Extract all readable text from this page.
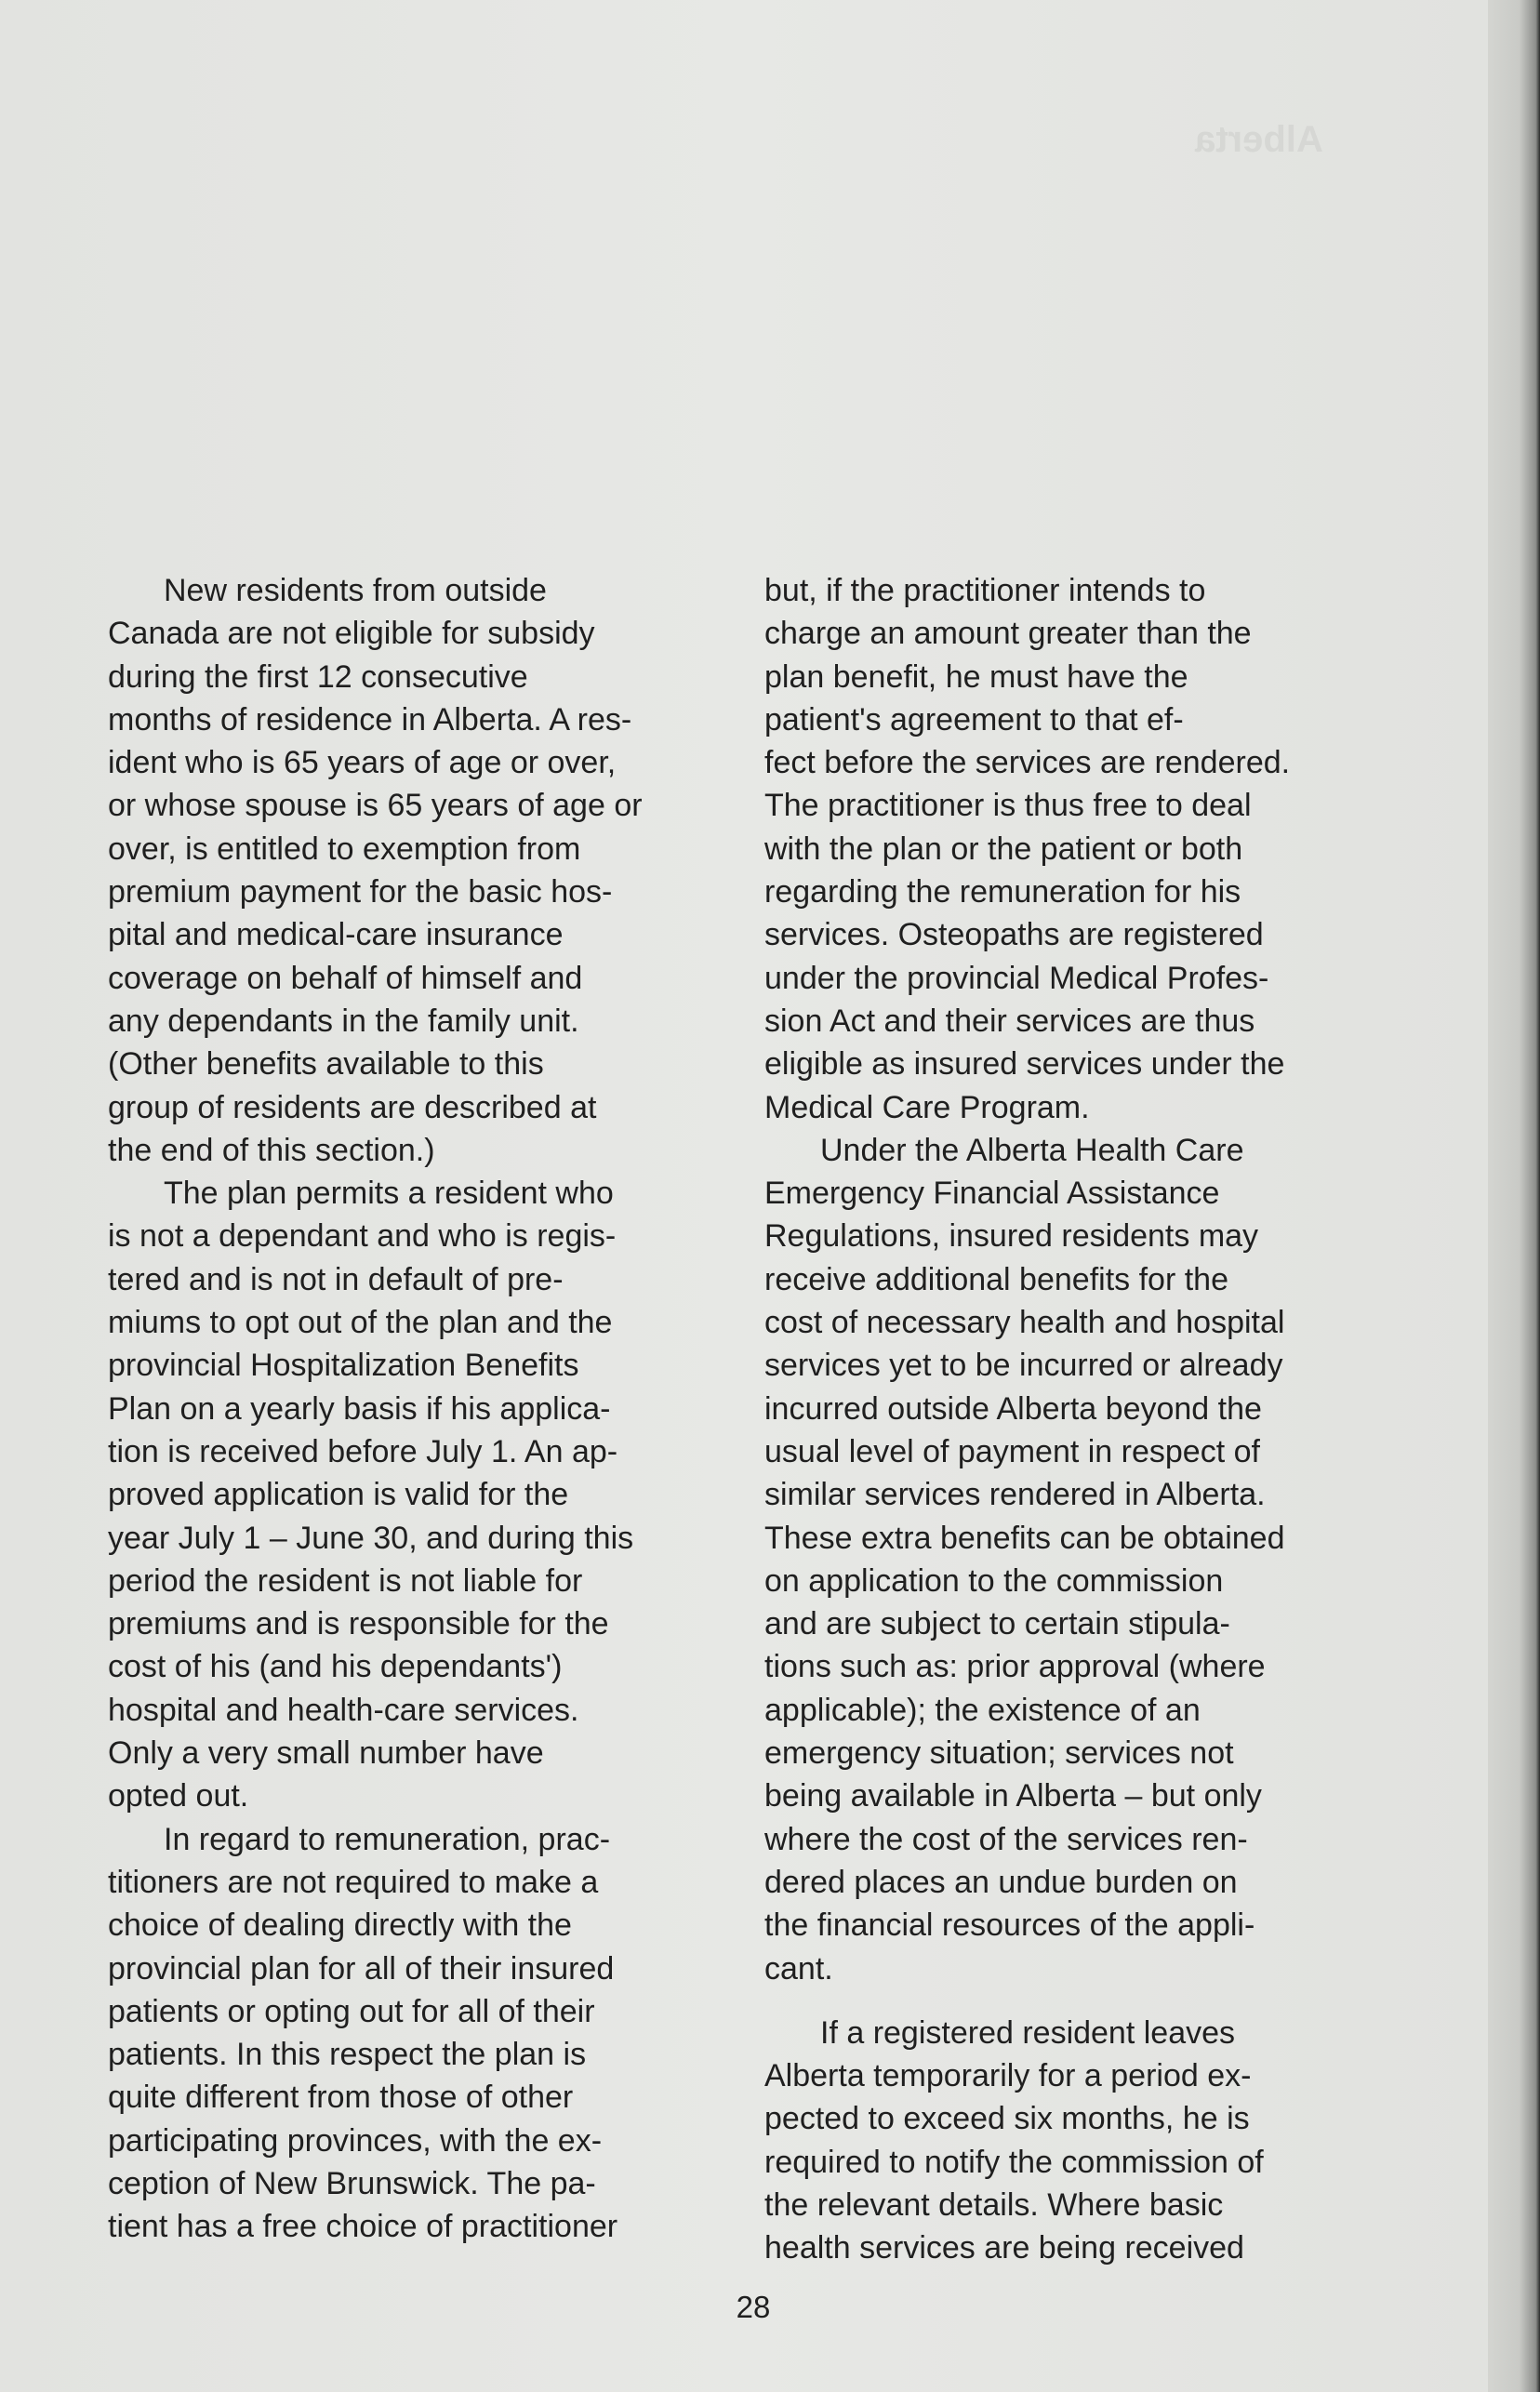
Alberta
New residents from outside
Canada are not eligible for subsidy
during the first 12 consecutive
months of residence in Alberta. A res-
ident who is 65 years of age or over,
or whose spouse is 65 years of age or
over, is entitled to exemption from
premium payment for the basic hos-
pital and medical-care insurance
coverage on behalf of himself and
any dependants in the family unit.
(Other benefits available to this
group of residents are described at
the end of this section.)
The plan permits a resident who
is not a dependant and who is regis-
tered and is not in default of pre-
miums to opt out of the plan and the
provincial Hospitalization Benefits
Plan on a yearly basis if his applica-
tion is received before July 1. An ap-
proved application is valid for the
year July 1 – June 30, and during this
period the resident is not liable for
premiums and is responsible for the
cost of his (and his dependants')
hospital and health-care services.
Only a very small number have
opted out.
In regard to remuneration, prac-
titioners are not required to make a
choice of dealing directly with the
provincial plan for all of their insured
patients or opting out for all of their
patients. In this respect the plan is
quite different from those of other
participating provinces, with the ex-
ception of New Brunswick. The pa-
tient has a free choice of practitioner
but, if the practitioner intends to
charge an amount greater than the
plan benefit, he must have the
patient's agreement to that ef-
fect before the services are rendered.
The practitioner is thus free to deal
with the plan or the patient or both
regarding the remuneration for his
services. Osteopaths are registered
under the provincial Medical Profes-
sion Act and their services are thus
eligible as insured services under the
Medical Care Program.
Under the Alberta Health Care
Emergency Financial Assistance
Regulations, insured residents may
receive additional benefits for the
cost of necessary health and hospital
services yet to be incurred or already
incurred outside Alberta beyond the
usual level of payment in respect of
similar services rendered in Alberta.
These extra benefits can be obtained
on application to the commission
and are subject to certain stipula-
tions such as: prior approval (where
applicable); the existence of an
emergency situation; services not
being available in Alberta – but only
where the cost of the services ren-
dered places an undue burden on
the financial resources of the appli-
cant.
If a registered resident leaves
Alberta temporarily for a period ex-
pected to exceed six months, he is
required to notify the commission of
the relevant details. Where basic
health services are being received
28
